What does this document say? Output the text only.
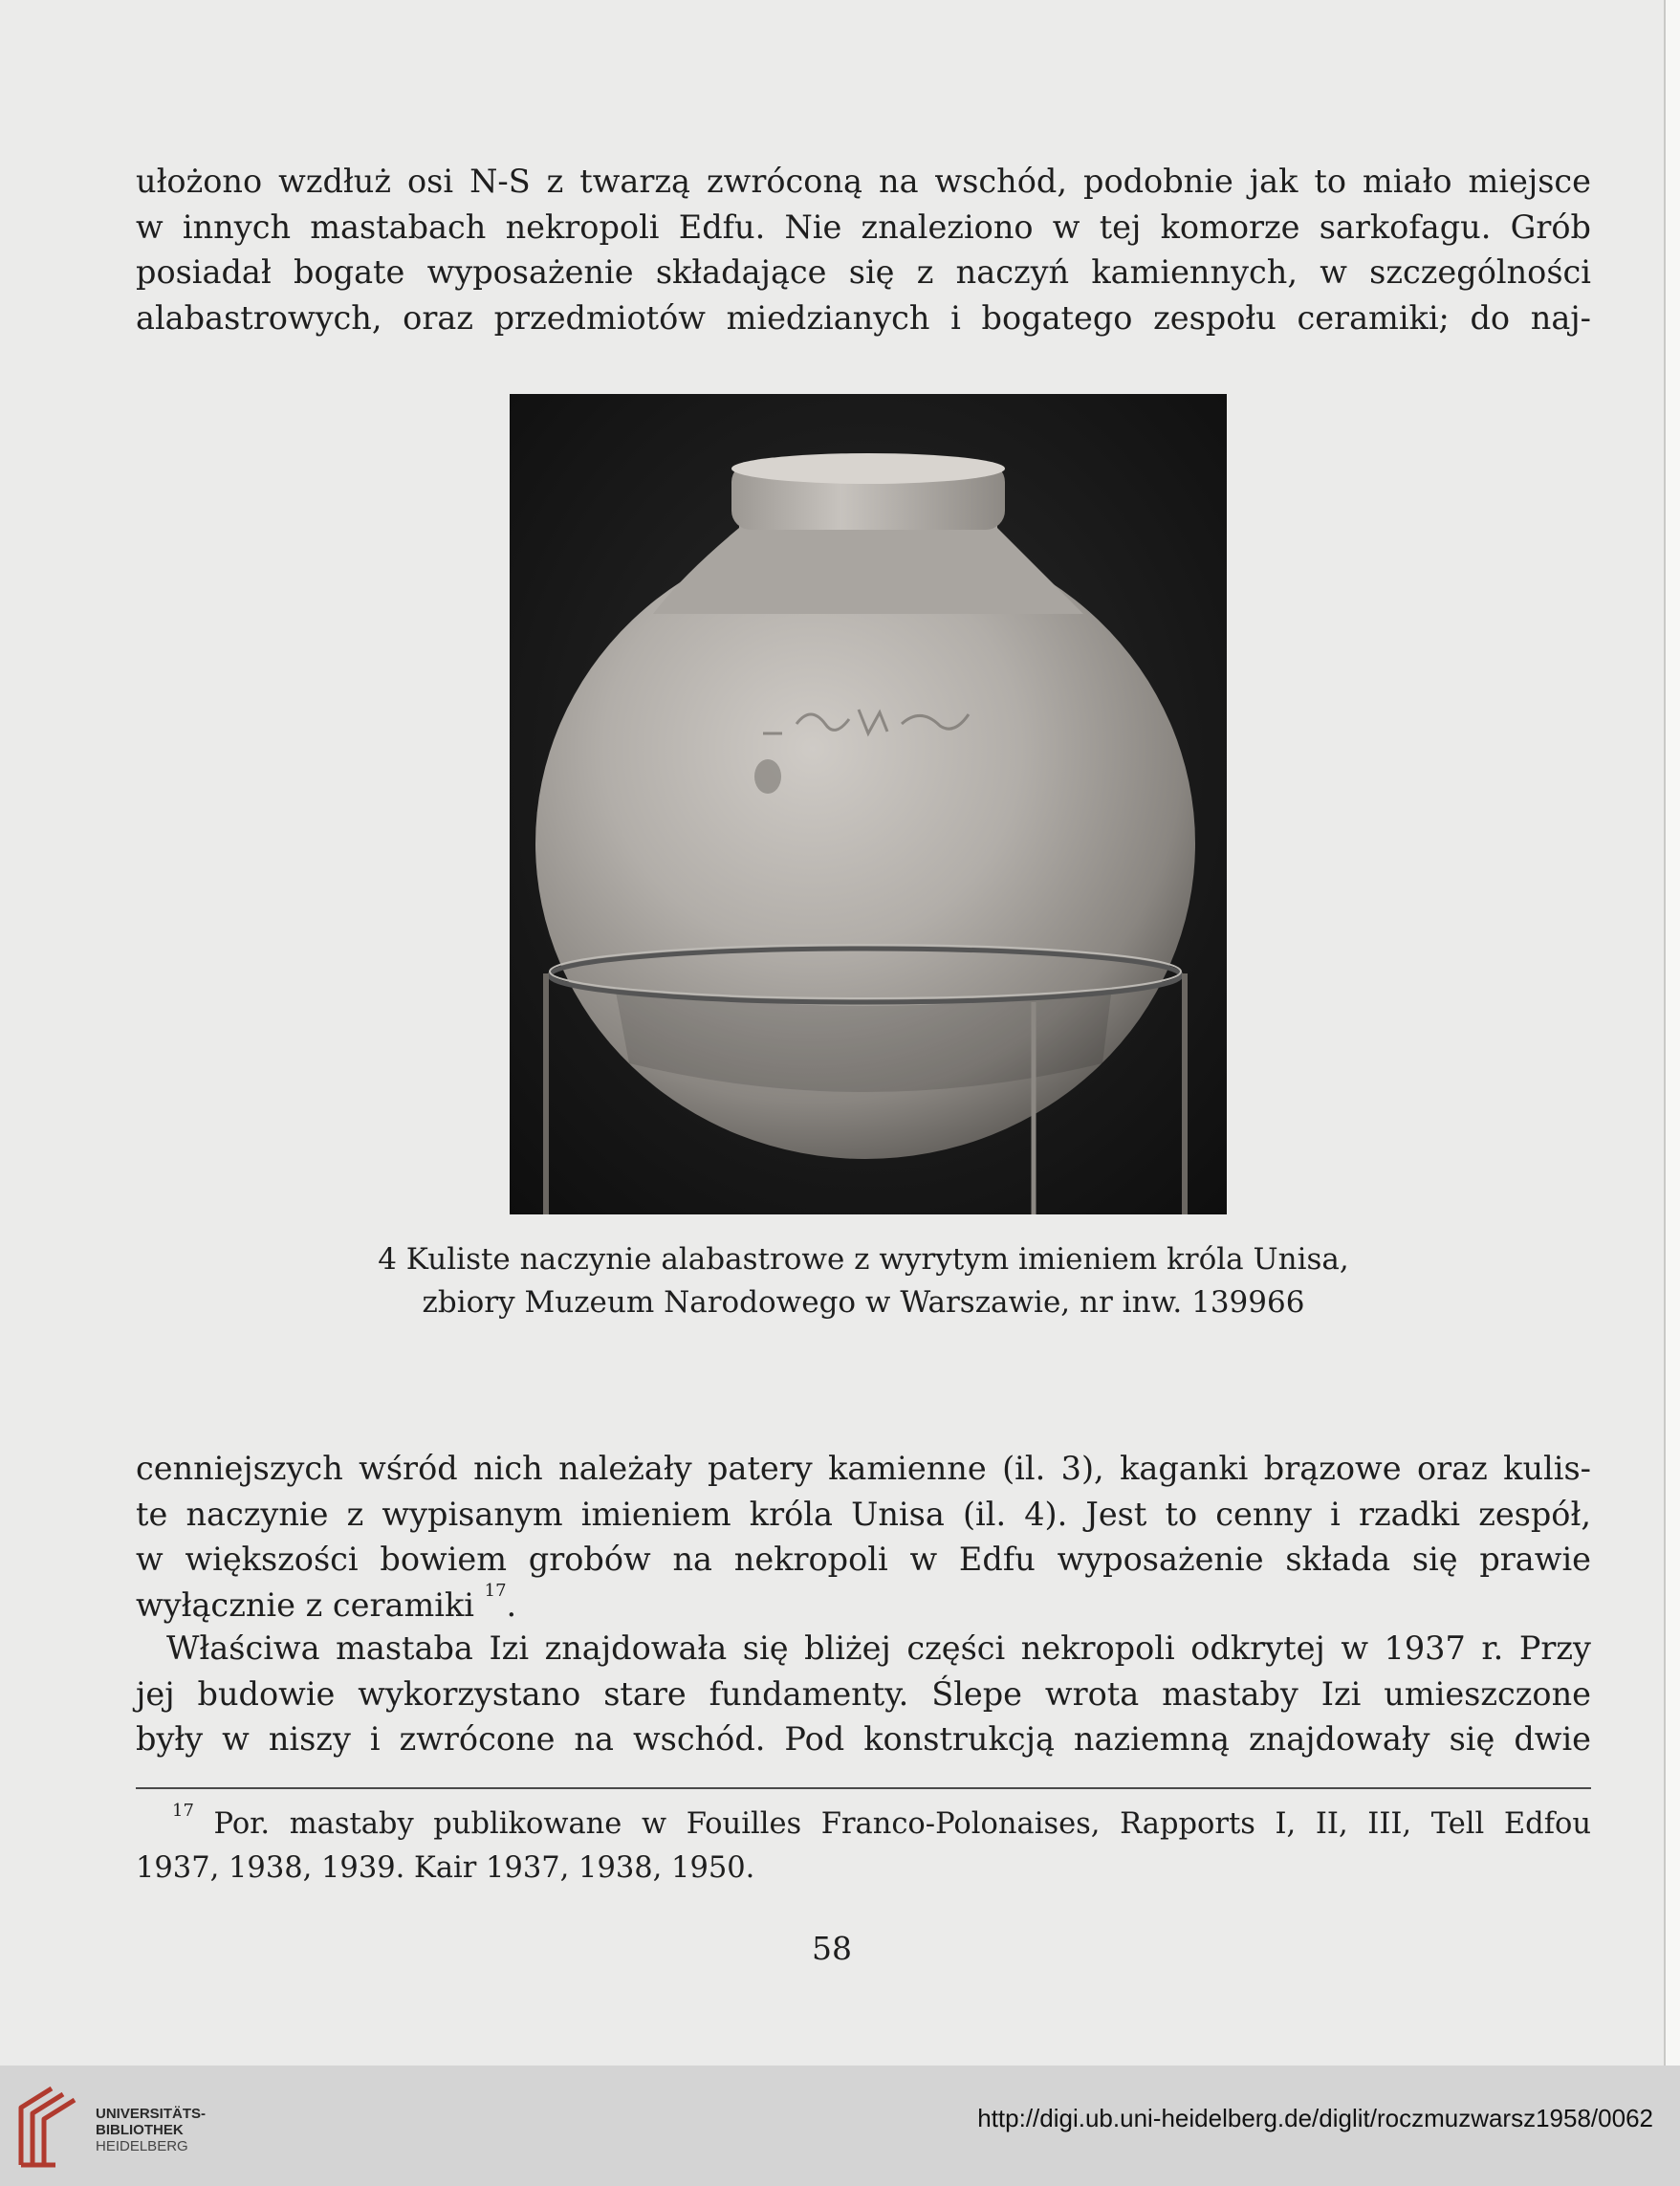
ułożono wzdłuż osi N-S z twarzą zwróconą na wschód, podobnie jak to miało miejsce
w innych mastabach nekropoli Edfu. Nie znaleziono w tej komorze sarkofagu. Grób
posiadał bogate wyposażenie składające się z naczyń kamiennych, w szczególności
alabastrowych, oraz przedmiotów miedzianych i bogatego zespołu ceramiki; do naj-

4 Kuliste naczynie alabastrowe z wyrytym imieniem króla Unisa,
zbiory Muzeum Narodowego w Warszawie, nr inw. 139966

cenniejszych wśród nich należały patery kamienne (il. 3), kaganki brązowe oraz kulis-
te naczynie z wypisanym imieniem króla Unisa (il. 4). Jest to cenny i rzadki zespół,
w większości bowiem grobów na nekropoli w Edfu wyposażenie składa się prawie
wyłącznie z ceramiki $^{17}$.

Właściwa mastaba Izi znajdowała się bliżej części nekropoli odkrytej w 1937 r. Przy
jej budowie wykorzystano stare fundamenty. Ślepe wrota mastaby Izi umieszczone
były w niszy i zwrócone na wschód. Pod konstrukcją naziemną znajdowały się dwie

$^{17}$ Por. mastaby publikowane w Fouilles Franco-Polonaises, Rapports I, II, III, Tell Edfou
1937, 1938, 1939. Kair 1937, 1938, 1950.

58
UNIVERSITÄTS-
BIBLIOTHEK
HEIDELBERG
http://digi.ub.uni-heidelberg.de/diglit/roczmuzwarsz1958/0062
